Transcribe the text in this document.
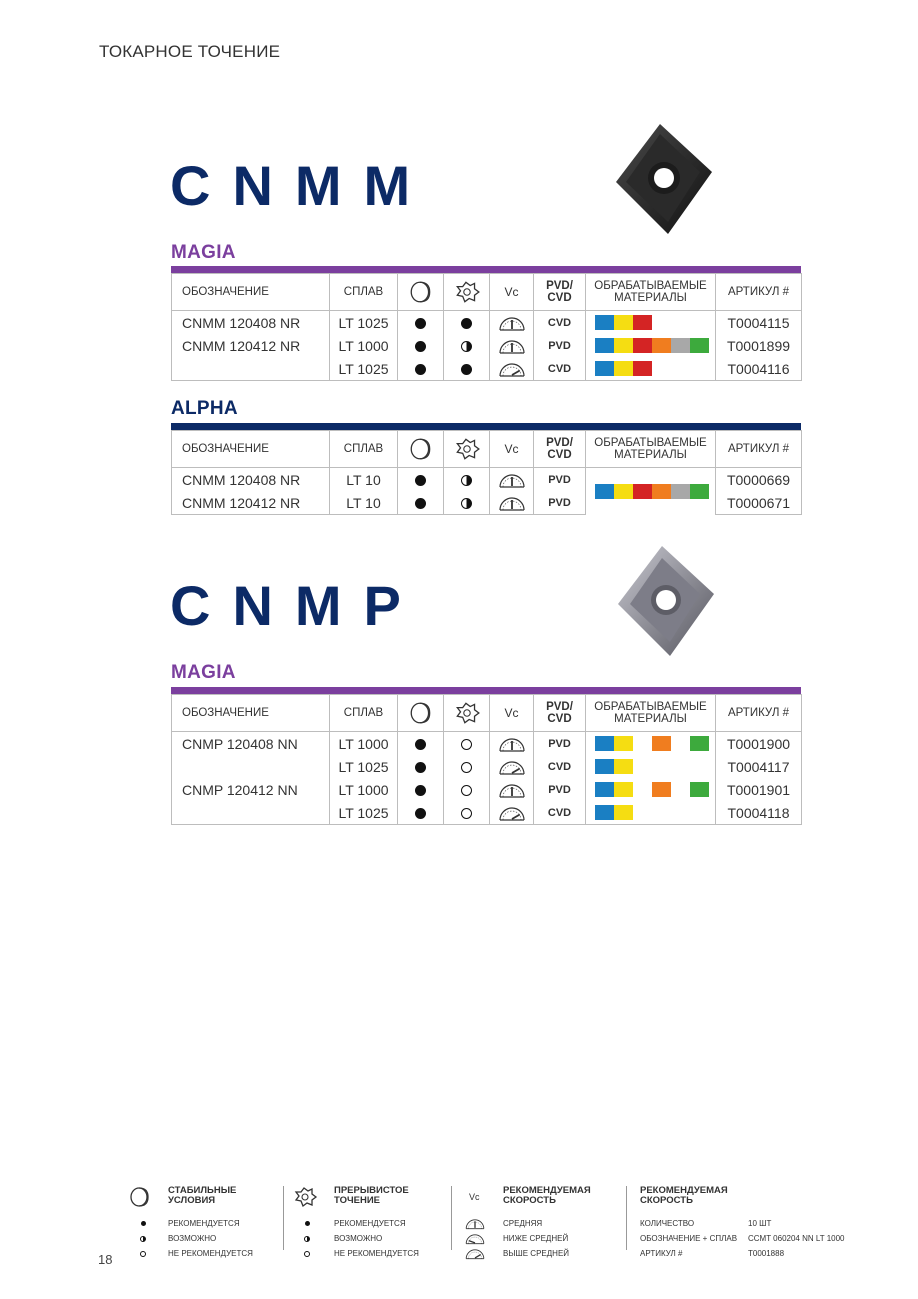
ТОКАРНОЕ ТОЧЕНИЕ
CNMM
MAGIA
ОБОЗНАЧЕНИЕ	СПЛАВ			Vc	PVD/ CVD	ОБРАБАТЫВАЕМЫЕ МАТЕРИАЛЫ	АРТИКУЛ #
CNMM 120408 NR	LT 1025				CVD		T0004115
CNMM 120412 NR	LT 1000				PVD		T0001899
	LT 1025				CVD		T0004116
ALPHA
ОБОЗНАЧЕНИЕ	СПЛАВ			Vc	PVD/ CVD	ОБРАБАТЫВАЕМЫЕ МАТЕРИАЛЫ	АРТИКУЛ #
CNMM 120408 NR	LT 10				PVD		T0000669
CNMM 120412 NR	LT 10				PVD		T0000671
CNMP
MAGIA
ОБОЗНАЧЕНИЕ	СПЛАВ			Vc	PVD/ CVD	ОБРАБАТЫВАЕМЫЕ МАТЕРИАЛЫ	АРТИКУЛ #
CNMP 120408 NN	LT 1000				PVD		T0001900
	LT 1025				CVD		T0004117
CNMP 120412 NN	LT 1000				PVD		T0001901
	LT 1025				CVD		T0004118
СТАБИЛЬНЫЕ
УСЛОВИЯ
РЕКОМЕНДУЕТСЯ
ВОЗМОЖНО
НЕ РЕКОМЕНДУЕТСЯ
ПРЕРЫВИСТОЕ
ТОЧЕНИЕ
РЕКОМЕНДУЕТСЯ
ВОЗМОЖНО
НЕ РЕКОМЕНДУЕТСЯ
Vc
РЕКОМЕНДУЕМАЯ
СКОРОСТЬ
СРЕДНЯЯ
НИЖЕ СРЕДНЕЙ
ВЫШЕ СРЕДНЕЙ
РЕКОМЕНДУЕМАЯ
СКОРОСТЬ
КОЛИЧЕСТВО	10 ШТ
ОБОЗНАЧЕНИЕ + СПЛАВ	CCMT 060204 NN LT 1000
АРТИКУЛ #	T0001888
18
